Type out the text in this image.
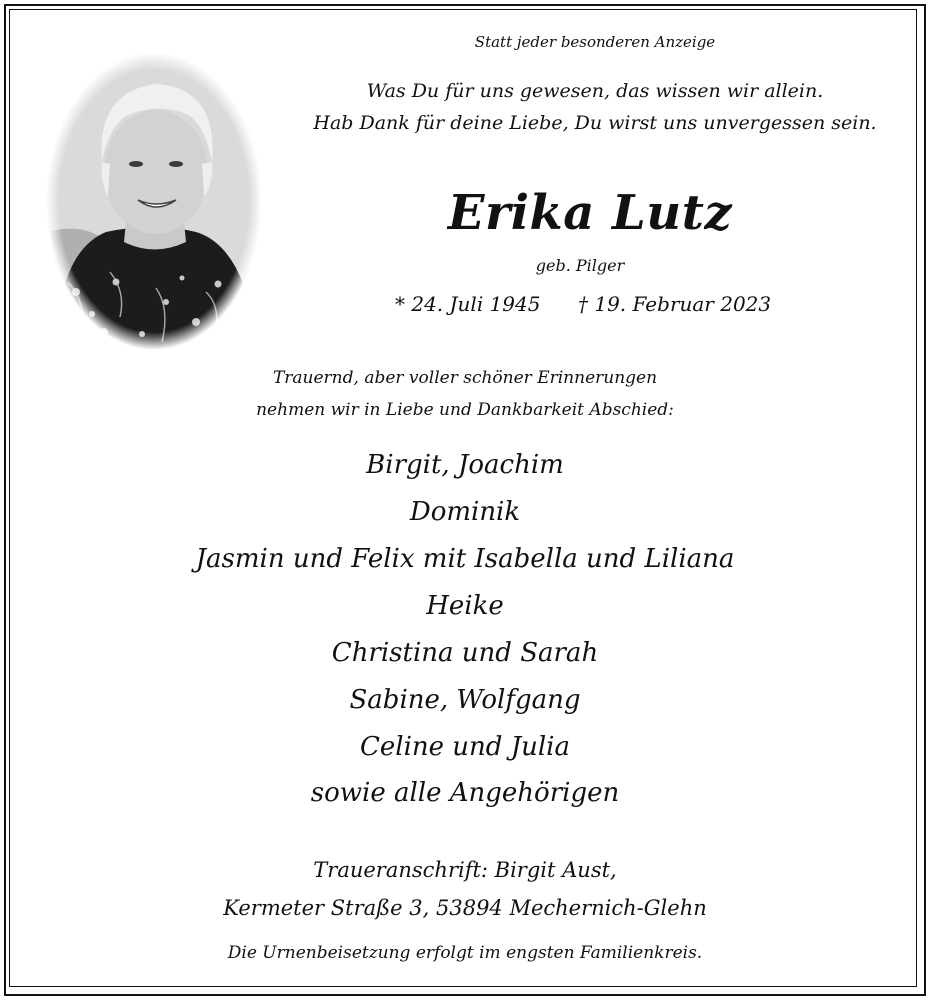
Statt jeder besonderen Anzeige
Was Du für uns gewesen, das wissen wir allein.
Hab Dank für deine Liebe, Du wirst uns unvergessen sein.
Erika Lutz
geb. Pilger
* 24. Juli 1945	† 19. Februar 2023
Trauernd, aber voller schöner Erinnerungen
nehmen wir in Liebe und Dankbarkeit Abschied:
Birgit, Joachim
Dominik
Jasmin und Felix mit Isabella und Liliana
Heike
Christina und Sarah
Sabine, Wolfgang
Celine und Julia
sowie alle Angehörigen
Traueranschrift: Birgit Aust,
Kermeter Straße 3, 53894 Mechernich-Glehn
Die Urnenbeisetzung erfolgt im engsten Familienkreis.
